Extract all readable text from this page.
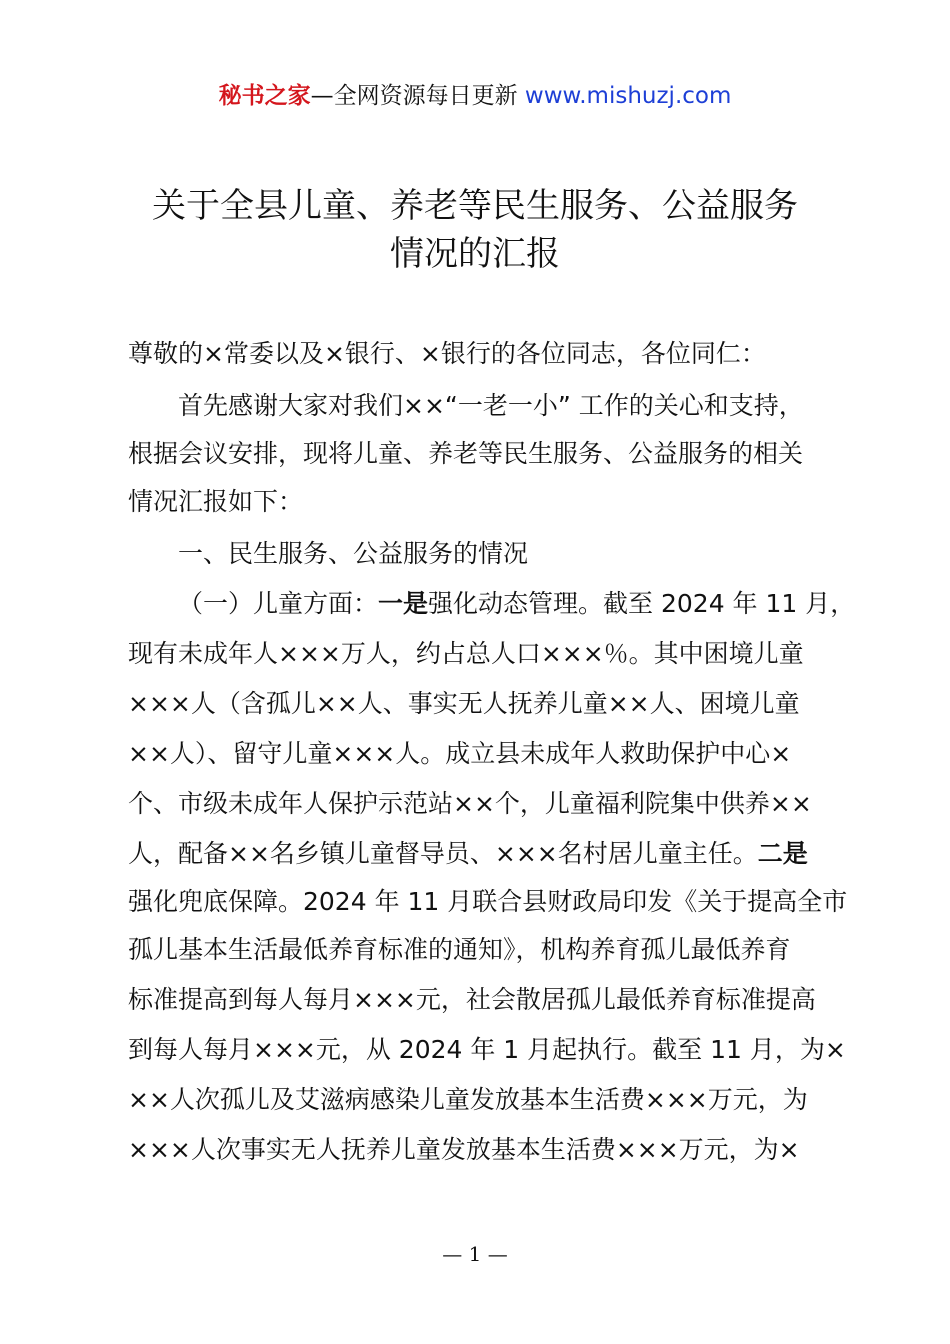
秘书之家—全网资源每日更新 www.mishuzj.com
关于全县儿童、养老等民生服务、公益服务
情况的汇报
尊敬的×常委以及×银行、×银行的各位同志，各位同仁：
首先感谢大家对我们××“一老一小” 工作的关心和支持，
根据会议安排，现将儿童、养老等民生服务、公益服务的相关
情况汇报如下：
一、民生服务、公益服务的情况
（一）儿童方面：一是强化动态管理。截至 2024 年 11 月，
现有未成年人×××万人，约占总人口×××％。其中困境儿童
×××人（含孤儿××人、事实无人抚养儿童××人、困境儿童
××人）、留守儿童×××人。成立县未成年人救助保护中心×
个、市级未成年人保护示范站××个，儿童福利院集中供养××
人，配备××名乡镇儿童督导员、×××名村居儿童主任。二是
强化兜底保障。2024 年 11 月联合县财政局印发《关于提高全市
孤儿基本生活最低养育标准的通知》，机构养育孤儿最低养育
标准提高到每人每月×××元，社会散居孤儿最低养育标准提高
到每人每月×××元，从 2024 年 1 月起执行。截至 11 月，为×
××人次孤儿及艾滋病感染儿童发放基本生活费×××万元，为
×××人次事实无人抚养儿童发放基本生活费×××万元，为×
— 1 —
